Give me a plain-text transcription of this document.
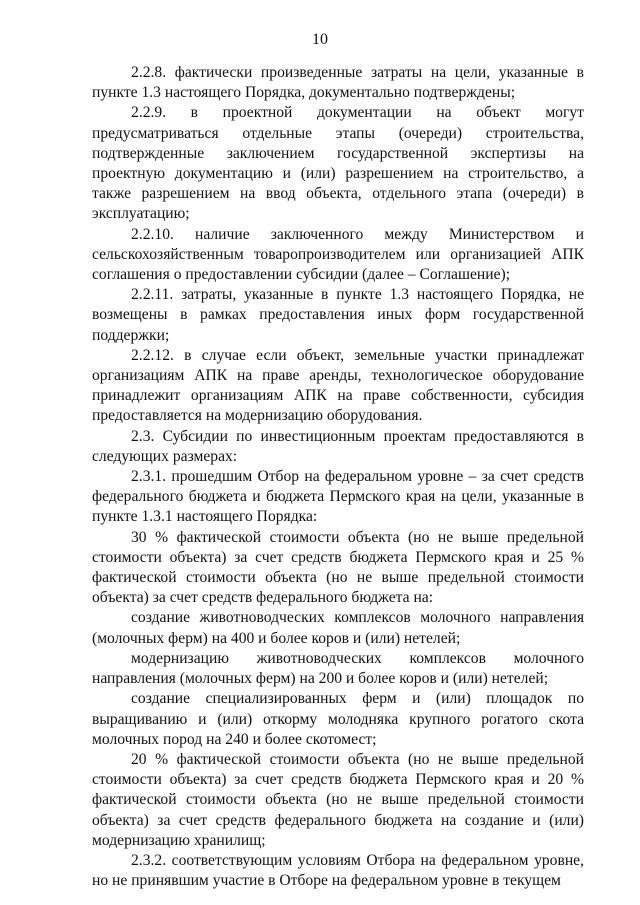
10

2.2.8. фактически произведенные затраты на цели, указанные в пункте 1.3 настоящего Порядка, документально подтверждены;

2.2.9. в проектной документации на объект могут предусматриваться отдельные этапы (очереди) строительства, подтвержденные заключением государственной экспертизы на проектную документацию и (или) разрешением на строительство, а также разрешением на ввод объекта, отдельного этапа (очереди) в эксплуатацию;

2.2.10. наличие заключенного между Министерством и сельскохозяйственным товаропроизводителем или организацией АПК соглашения о предоставлении субсидии (далее – Соглашение);

2.2.11. затраты, указанные в пункте 1.3 настоящего Порядка, не возмещены в рамках предоставления иных форм государственной поддержки;

2.2.12. в случае если объект, земельные участки принадлежат организациям АПК на праве аренды, технологическое оборудование принадлежит организациям АПК на праве собственности, субсидия предоставляется на модернизацию оборудования.

2.3. Субсидии по инвестиционным проектам предоставляются в следующих размерах:

2.3.1. прошедшим Отбор на федеральном уровне – за счет средств федерального бюджета и бюджета Пермского края на цели, указанные в пункте 1.3.1 настоящего Порядка:

30 % фактической стоимости объекта (но не выше предельной стоимости объекта) за счет средств бюджета Пермского края и 25 % фактической стоимости объекта (но не выше предельной стоимости объекта) за счет средств федерального бюджета на:

создание животноводческих комплексов молочного направления (молочных ферм) на 400 и более коров и (или) нетелей;

модернизацию животноводческих комплексов молочного направления (молочных ферм) на 200 и более коров и (или) нетелей;

создание специализированных ферм и (или) площадок по выращиванию и (или) откорму молодняка крупного рогатого скота молочных пород на 240 и более скотомест;

20 % фактической стоимости объекта (но не выше предельной стоимости объекта) за счет средств бюджета Пермского края и 20 % фактической стоимости объекта (но не выше предельной стоимости объекта) за счет средств федерального бюджета на создание и (или) модернизацию хранилищ;

2.3.2. соответствующим условиям Отбора на федеральном уровне, но не принявшим участие в Отборе на федеральном уровне в текущем
